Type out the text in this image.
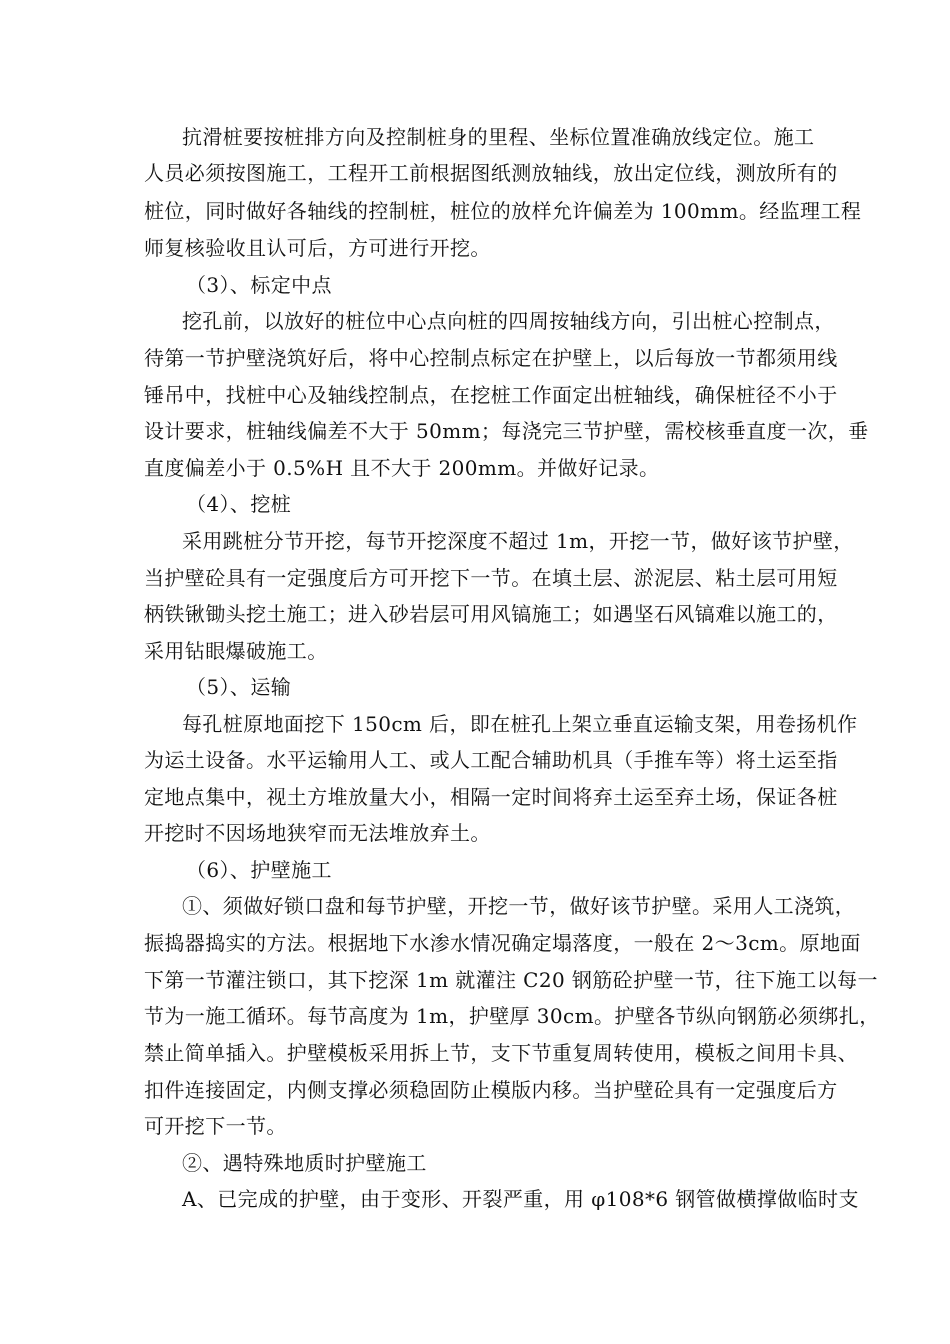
抗滑桩要按桩排方向及控制桩身的里程、坐标位置准确放线定位。施工
人员必须按图施工，工程开工前根据图纸测放轴线，放出定位线，测放所有的
桩位，同时做好各轴线的控制桩，桩位的放样允许偏差为 100mm。经监理工程
师复核验收且认可后，方可进行开挖。
（3）、标定中点
挖孔前，以放好的桩位中心点向桩的四周按轴线方向，引出桩心控制点，
待第一节护壁浇筑好后，将中心控制点标定在护壁上，以后每放一节都须用线
锤吊中，找桩中心及轴线控制点，在挖桩工作面定出桩轴线，确保桩径不小于
设计要求，桩轴线偏差不大于 50mm；每浇完三节护壁，需校核垂直度一次，垂
直度偏差小于 0.5%H 且不大于 200mm。并做好记录。
（4）、挖桩
采用跳桩分节开挖，每节开挖深度不超过 1m，开挖一节，做好该节护壁，
当护壁砼具有一定强度后方可开挖下一节。在填土层、淤泥层、粘土层可用短
柄铁锹锄头挖土施工；进入砂岩层可用风镐施工；如遇坚石风镐难以施工的，
采用钻眼爆破施工。
（5）、运输
每孔桩原地面挖下 150cm 后，即在桩孔上架立垂直运输支架，用卷扬机作
为运土设备。水平运输用人工、或人工配合辅助机具（手推车等）将土运至指
定地点集中，视土方堆放量大小，相隔一定时间将弃土运至弃土场，保证各桩
开挖时不因场地狭窄而无法堆放弃土。
（6）、护壁施工
①、须做好锁口盘和每节护壁，开挖一节，做好该节护壁。采用人工浇筑，
振捣器捣实的方法。根据地下水渗水情况确定塌落度，一般在 2～3cm。原地面
下第一节灌注锁口，其下挖深 1m 就灌注 C20 钢筋砼护壁一节，往下施工以每一
节为一施工循环。每节高度为 1m，护壁厚 30cm。护壁各节纵向钢筋必须绑扎，
禁止简单插入。护壁模板采用拆上节，支下节重复周转使用，模板之间用卡具、
扣件连接固定，内侧支撑必须稳固防止模版内移。当护壁砼具有一定强度后方
可开挖下一节。
②、遇特殊地质时护壁施工
A、已完成的护壁，由于变形、开裂严重，用 φ108*6 钢管做横撑做临时支
